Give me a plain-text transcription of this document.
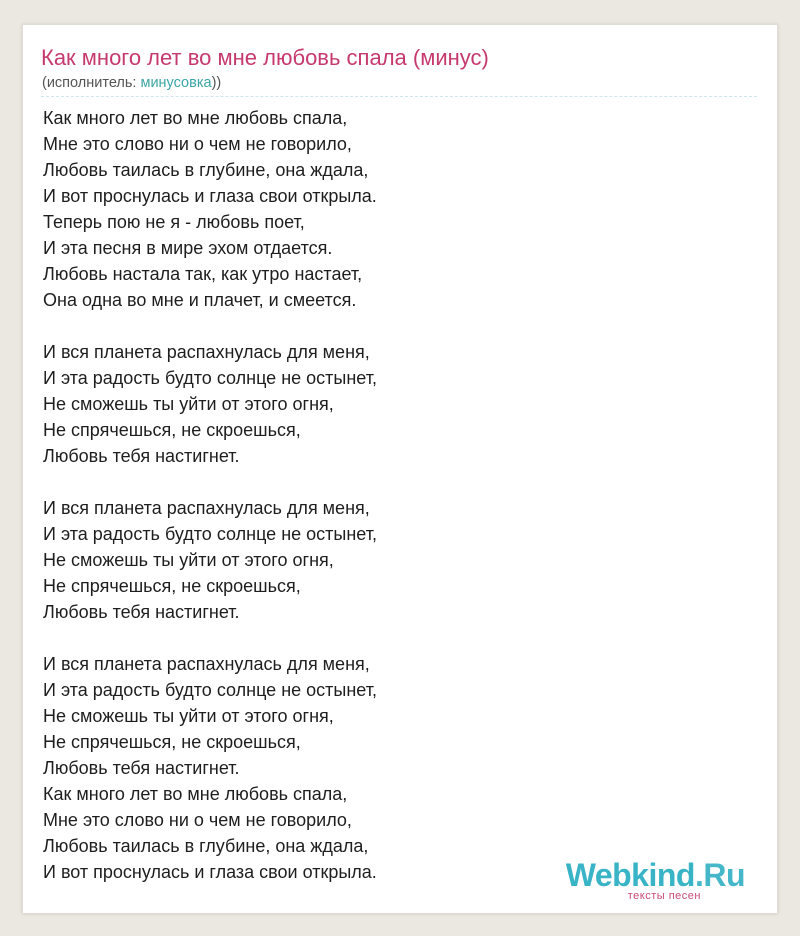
Как много лет во мне любовь спала (минус)
(исполнитель: минусовка))
Как много лет во мне любовь спала,
Мне это слово ни о чем не говорило,
Любовь таилась в глубине, она ждала,
И вот проснулась и глаза свои открыла.
Теперь пою не я - любовь поет,
И эта песня в мире эхом отдается.
Любовь настала так, как утро настает,
Она одна во мне и плачет, и смеется.
И вся планета распахнулась для меня,
И эта радость будто солнце не остынет,
Не сможешь ты уйти от этого огня,
Не спрячешься, не скроешься,
Любовь тебя настигнет.
И вся планета распахнулась для меня,
И эта радость будто солнце не остынет,
Не сможешь ты уйти от этого огня,
Не спрячешься, не скроешься,
Любовь тебя настигнет.
И вся планета распахнулась для меня,
И эта радость будто солнце не остынет,
Не сможешь ты уйти от этого огня,
Не спрячешься, не скроешься,
Любовь тебя настигнет.
Как много лет во мне любовь спала,
Мне это слово ни о чем не говорило,
Любовь таилась в глубине, она ждала,
И вот проснулась и глаза свои открыла.	Webkind.Ru
тексты песен
